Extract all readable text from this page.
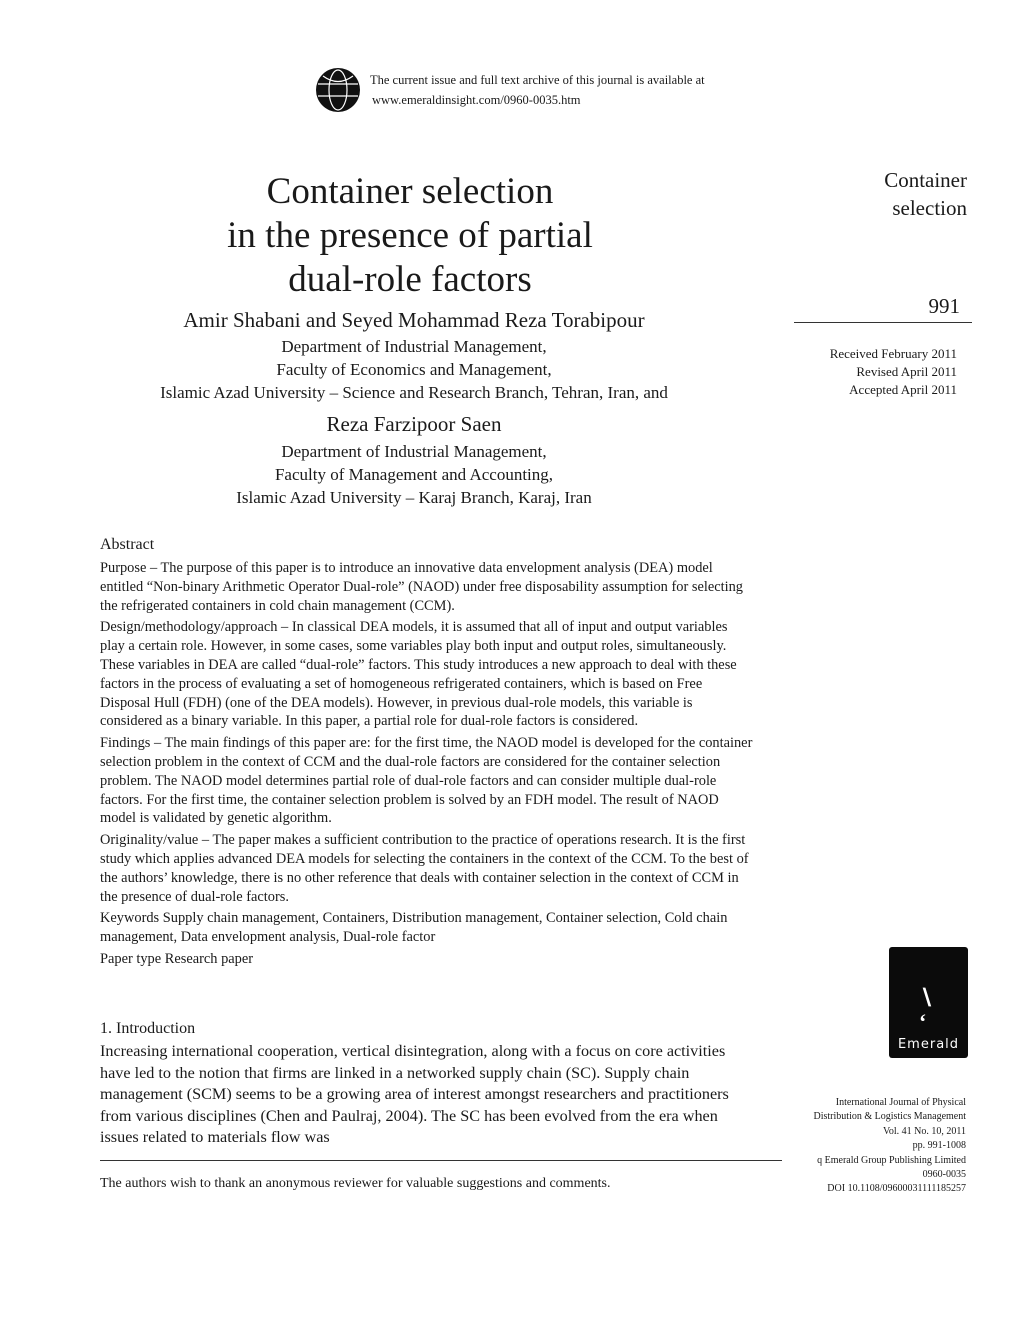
The current issue and full text archive of this journal is available at
www.emeraldinsight.com/0960-0035.htm
Container selection
in the presence of partial
dual-role factors
Amir Shabani and Seyed Mohammad Reza Torabipour
Department of Industrial Management,
Faculty of Economics and Management,
Islamic Azad University – Science and Research Branch, Tehran, Iran, and
Reza Farzipoor Saen
Department of Industrial Management,
Faculty of Management and Accounting,
Islamic Azad University – Karaj Branch, Karaj, Iran
Container
selection
991
Received February 2011
Revised April 2011
Accepted April 2011
Abstract

Purpose – The purpose of this paper is to introduce an innovative data envelopment analysis (DEA) model entitled “Non-binary Arithmetic Operator Dual-role” (NAOD) under free disposability assumption for selecting the refrigerated containers in cold chain management (CCM).

Design/methodology/approach – In classical DEA models, it is assumed that all of input and output variables play a certain role. However, in some cases, some variables play both input and output roles, simultaneously. These variables in DEA are called “dual-role” factors. This study introduces a new approach to deal with these factors in the process of evaluating a set of homogeneous refrigerated containers, which is based on Free Disposal Hull (FDH) (one of the DEA models). However, in previous dual-role models, this variable is considered as a binary variable. In this paper, a partial role for dual-role factors is considered.

Findings – The main findings of this paper are: for the first time, the NAOD model is developed for the container selection problem in the context of CCM and the dual-role factors are considered for the container selection problem. The NAOD model determines partial role of dual-role factors and can consider multiple dual-role factors. For the first time, the container selection problem is solved by an FDH model. The result of NAOD model is validated by genetic algorithm.

Originality/value – The paper makes a sufficient contribution to the practice of operations research. It is the first study which applies advanced DEA models for selecting the containers in the context of the CCM. To the best of the authors’ knowledge, there is no other reference that deals with container selection in the context of CCM in the presence of dual-role factors.

Keywords Supply chain management, Containers, Distribution management, Container selection, Cold chain management, Data envelopment analysis, Dual-role factor

Paper type Research paper

1. Introduction
Increasing international cooperation, vertical disintegration, along with a focus on core activities have led to the notion that firms are linked in a networked supply chain (SC). Supply chain management (SCM) seems to be a growing area of interest amongst researchers and practitioners from various disciplines (Chen and Paulraj, 2004). The SC has been evolved from the era when issues related to materials flow was
The authors wish to thank an anonymous reviewer for valuable suggestions and comments.
∖
‘
Emerald
International Journal of Physical
Distribution & Logistics Management
Vol. 41 No. 10, 2011
pp. 991-1008
q Emerald Group Publishing Limited
0960-0035
DOI 10.1108/09600031111185257
